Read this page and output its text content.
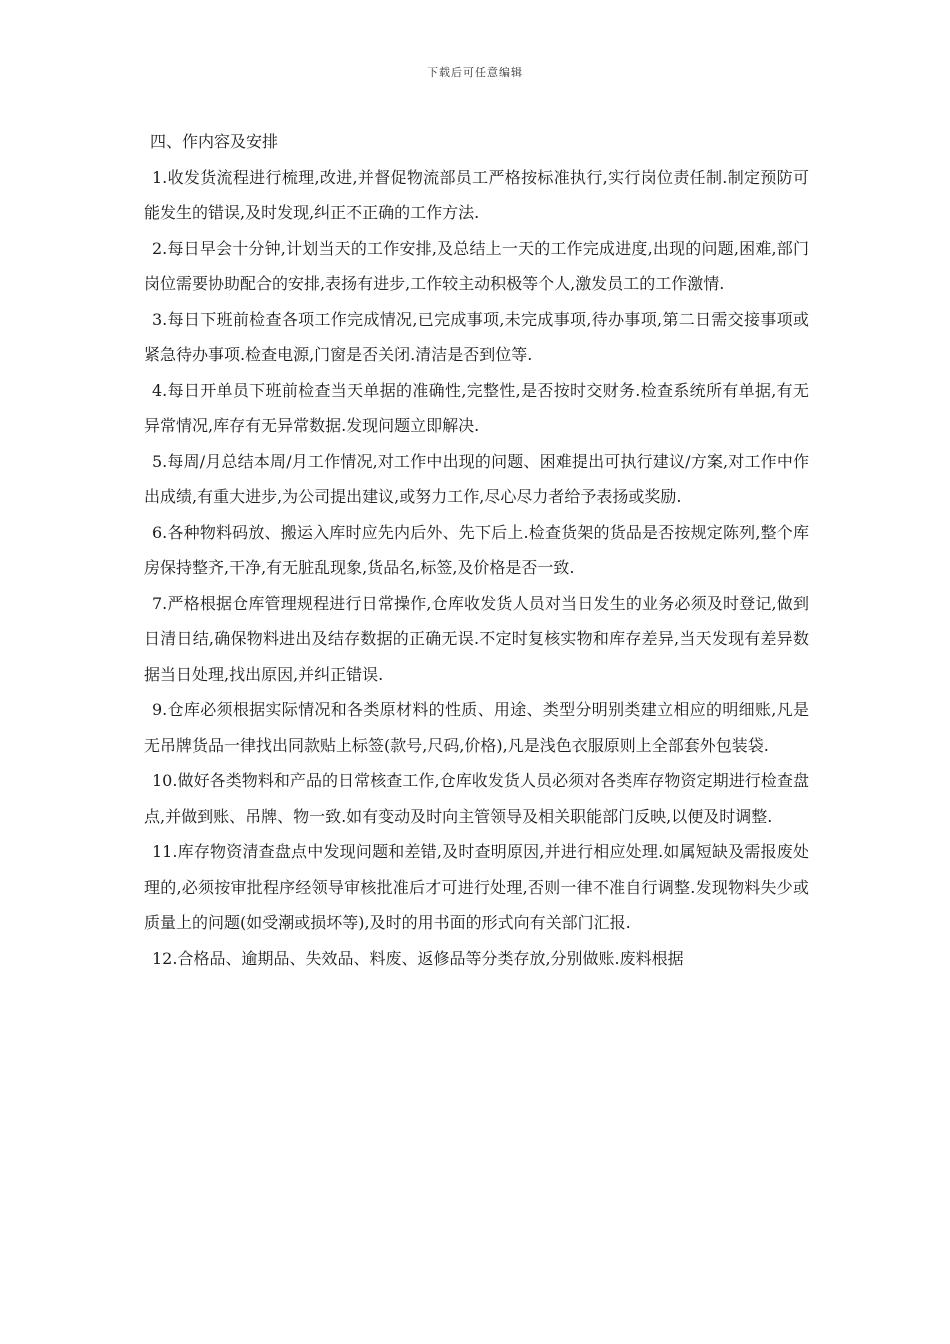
下载后可任意编辑

四、作内容及安排

1.收发货流程进行梳理,改进,并督促物流部员工严格按标准执行,实行岗位责任制.制定预防可能发生的错误,及时发现,纠正不正确的工作方法.

2.每日早会十分钟,计划当天的工作安排,及总结上一天的工作完成进度,出现的问题,困难,部门岗位需要协助配合的安排,表扬有进步,工作较主动积极等个人,激发员工的工作激情.

3.每日下班前检查各项工作完成情况,已完成事项,未完成事项,待办事项,第二日需交接事项或紧急待办事项.检查电源,门窗是否关闭.清洁是否到位等.

4.每日开单员下班前检查当天单据的准确性,完整性,是否按时交财务.检查系统所有单据,有无异常情况,库存有无异常数据.发现问题立即解决.

5.每周/月总结本周/月工作情况,对工作中出现的问题、困难提出可执行建议/方案,对工作中作出成绩,有重大进步,为公司提出建议,或努力工作,尽心尽力者给予表扬或奖励.

6.各种物料码放、搬运入库时应先内后外、先下后上.检查货架的货品是否按规定陈列,整个库房保持整齐,干净,有无脏乱现象,货品名,标签,及价格是否一致.

7.严格根据仓库管理规程进行日常操作,仓库收发货人员对当日发生的业务必须及时登记,做到日清日结,确保物料进出及结存数据的正确无误.不定时复核实物和库存差异,当天发现有差异数据当日处理,找出原因,并纠正错误.

9.仓库必须根据实际情况和各类原材料的性质、用途、类型分明别类建立相应的明细账,凡是无吊牌货品一律找出同款贴上标签(款号,尺码,价格),凡是浅色衣服原则上全部套外包装袋.

10.做好各类物料和产品的日常核查工作,仓库收发货人员必须对各类库存物资定期进行检查盘点,并做到账、吊牌、物一致.如有变动及时向主管领导及相关职能部门反映,以便及时调整.

11.库存物资清查盘点中发现问题和差错,及时查明原因,并进行相应处理.如属短缺及需报废处理的,必须按审批程序经领导审核批准后才可进行处理,否则一律不准自行调整.发现物料失少或质量上的问题(如受潮或损坏等),及时的用书面的形式向有关部门汇报.

12.合格品、逾期品、失效品、料废、返修品等分类存放,分别做账.废料根据
